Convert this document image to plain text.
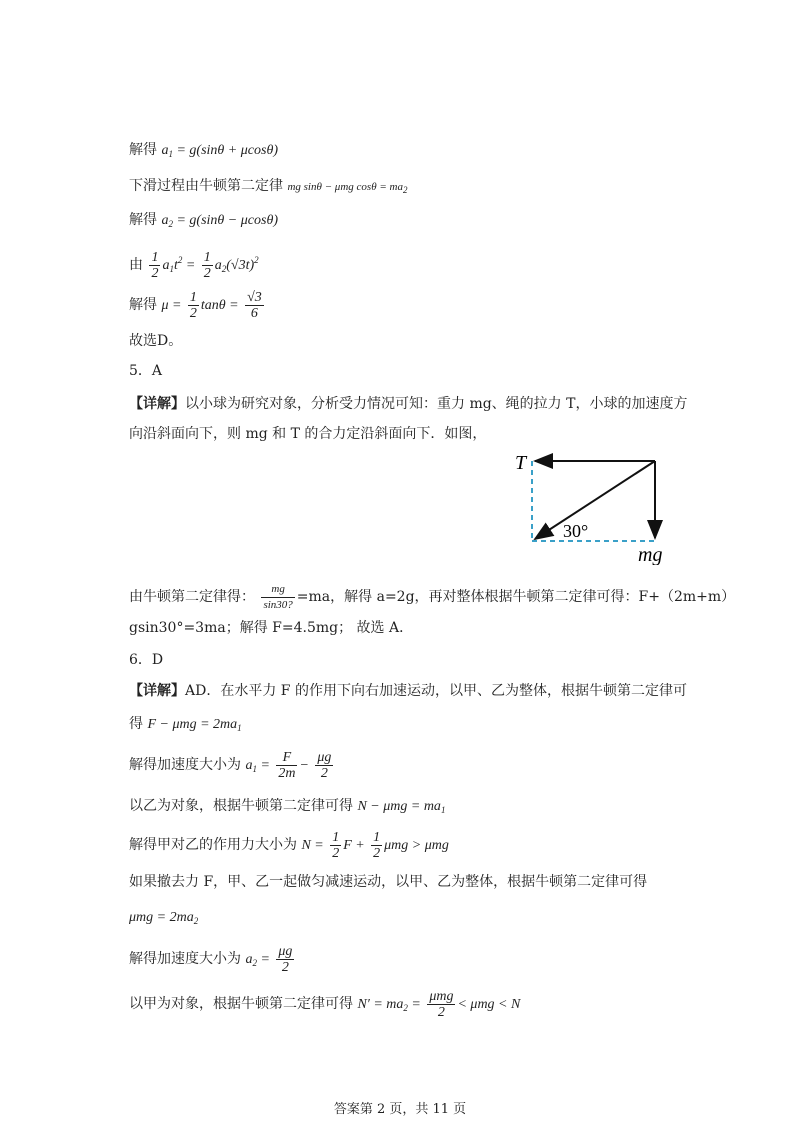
解得 $a_1 = g(\sin\theta + \mu\cos\theta)$
下滑过程由牛顿第二定律 mg sinθ − μmg $\cos\theta = ma_2$
解得 $a_2 = g(\sin\theta - \mu\cos\theta)$
由 $\frac{1}{2} a_1t^2 = \frac{1}{2} a_2(√3t)^2$
解得 $\mu = \frac{1}{2}$ $\tan\theta = \frac{√3}{6}$
故选D。
5．A
【详解】以小球为研究对象，分析受力情况可知：重力 mg、绳的拉力 T，小球的加速度方
向沿斜面向下，则 mg 和 T 的合力定沿斜面向下．如图，
T
30°
mg
由牛顿第二定律得： $\frac{mg}{\sin 30?} =ma$，解得 a=2g，再对整体根据牛顿第二定律可得：F+（2m+m）
gsin30°=3ma；解得 F=4.5mg； 故选 A．
6．D
【详解】AD．在水平力 F 的作用下向右加速运动，以甲、乙为整体，根据牛顿第二定律可
得 $F - \mu mg = 2ma_1$
解得加速度大小为 $a_1 = \frac{F}{2m} - \frac{\mu g}{2}$
以乙为对象，根据牛顿第二定律可得 $N - \mu mg = ma_1$
解得甲对乙的作用力大小为 $N = \frac{1}{2}$ $F + \frac{1}{2}$ μmg > μmg
如果撤去力 F，甲、乙一起做匀减速运动，以甲、乙为整体，根据牛顿第二定律可得
$\mu mg = 2ma_2$
解得加速度大小为 $a_2 = \frac{\mu g}{2}$
以甲为对象，根据牛顿第二定律可得 $N' = ma_2 = \frac{\text{μmg}}{2} < \mu mg < N$
答案第 2 页，共 11 页
